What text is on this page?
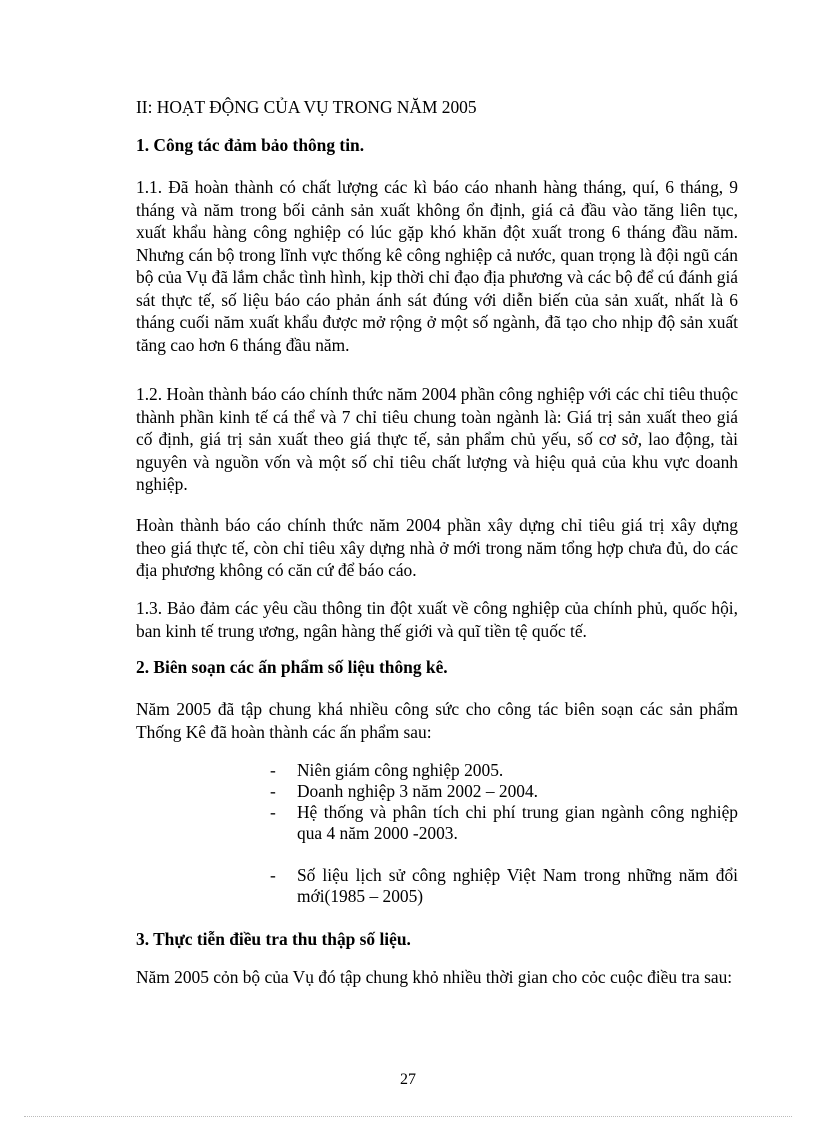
II: HOẠT ĐỘNG CỦA VỤ TRONG NĂM 2005

1. Công tác đảm bảo thông tin.

1.1. Đã hoàn thành có chất lượng các kì báo cáo nhanh hàng tháng, quí, 6 tháng, 9 tháng và năm trong bối cảnh sản xuất không ổn định, giá cả đầu vào tăng liên tục, xuất khẩu hàng công nghiệp có lúc gặp khó khăn đột xuất trong 6 tháng đầu năm. Nhưng cán bộ trong lĩnh vực thống kê công nghiệp cả nước, quan trọng là đội ngũ cán bộ của Vụ đã lắm chắc tình hình, kịp thời chỉ đạo địa phương và các bộ để cú đánh giá sát thực tế, số liệu báo cáo phản ánh sát đúng với diễn biến của sản xuất, nhất là 6 tháng cuối năm xuất khẩu được mở rộng ở một số ngành, đã tạo cho nhịp độ sản xuất tăng cao hơn 6 tháng đầu năm.

1.2. Hoàn thành báo cáo chính thức năm 2004 phần công nghiệp với các chỉ tiêu thuộc thành phần kinh tế cá thể và 7 chỉ tiêu chung toàn ngành là: Giá trị sản xuất theo giá cố định, giá trị sản xuất theo giá thực tế, sản phẩm chủ yếu, số cơ sở, lao động, tài nguyên và nguồn vốn và một số chỉ tiêu chất lượng và hiệu quả của khu vực doanh nghiệp.

Hoàn thành báo cáo chính thức năm 2004 phần xây dựng chỉ tiêu giá trị xây dựng theo giá thực tế, còn chỉ tiêu xây dựng nhà ở mới trong năm tổng hợp chưa đủ, do các địa phương không có căn cứ để báo cáo.

1.3. Bảo đảm các yêu cầu thông tin đột xuất về công nghiệp của chính phủ, quốc hội, ban kinh tế trung ương, ngân hàng thế giới và quĩ tiền tệ quốc tế.

2. Biên soạn các ấn phẩm số liệu thông kê.

Năm 2005 đã tập chung khá nhiều công sức cho công tác biên soạn các sản phẩm Thống Kê đã hoàn thành các ấn phẩm sau:

- Niên giám công nghiệp 2005.
- Doanh nghiệp 3 năm 2002 – 2004.
- Hệ thống và phân tích chi phí trung gian ngành công nghiệp qua 4 năm 2000 -2003.
- Số liệu lịch sử công nghiệp Việt Nam trong những năm đổi mới(1985 – 2005)

3. Thực tiễn điều tra thu thập số liệu.

Năm 2005 cỏn bộ của Vụ đó tập chung khỏ nhiều thời gian cho cỏc cuộc điều tra sau:

27
